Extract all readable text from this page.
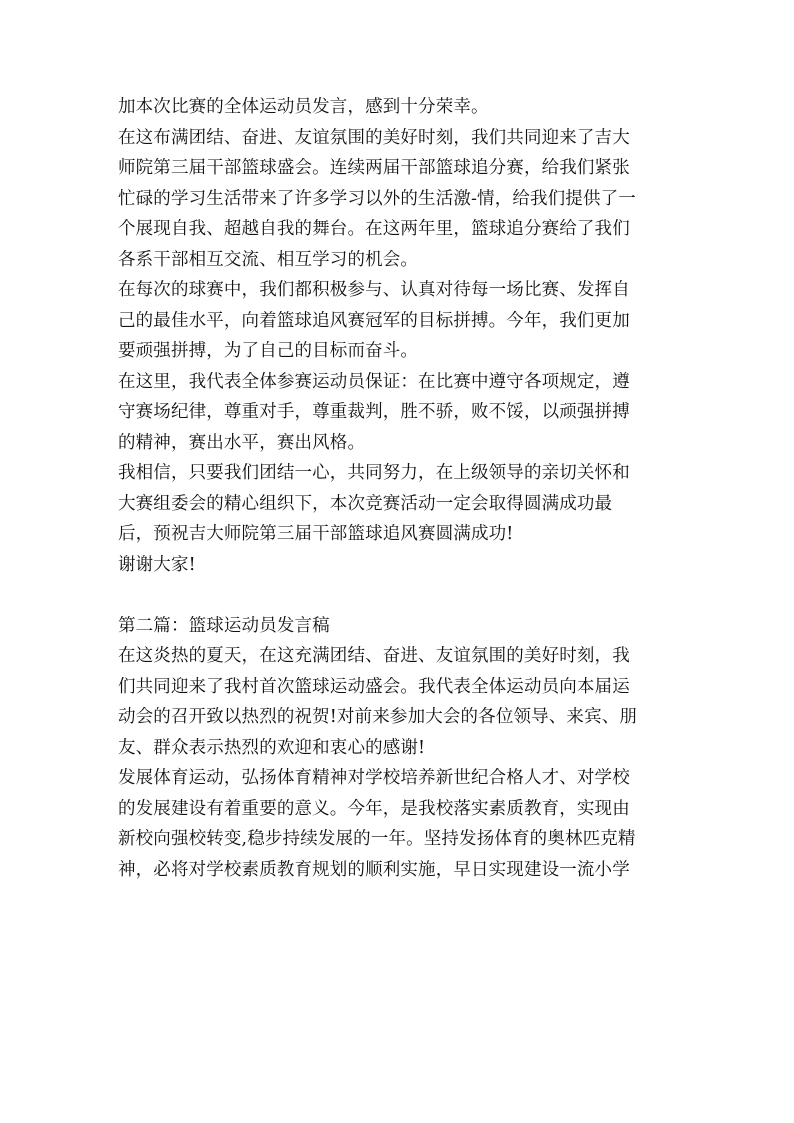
加本次比赛的全体运动员发言，感到十分荣幸。
在这布满团结、奋进、友谊氛围的美好时刻，我们共同迎来了吉大
师院第三届干部篮球盛会。连续两届干部篮球追分赛，给我们紧张
忙碌的学习生活带来了许多学习以外的生活激-情，给我们提供了一
个展现自我、超越自我的舞台。在这两年里，篮球追分赛给了我们
各系干部相互交流、相互学习的机会。
在每次的球赛中，我们都积极参与、认真对待每一场比赛、发挥自
己的最佳水平，向着篮球追风赛冠军的目标拼搏。今年，我们更加
要顽强拼搏，为了自己的目标而奋斗。
在这里，我代表全体参赛运动员保证：在比赛中遵守各项规定，遵
守赛场纪律，尊重对手，尊重裁判，胜不骄，败不馁，以顽强拼搏
的精神，赛出水平，赛出风格。
我相信，只要我们团结一心，共同努力，在上级领导的亲切关怀和
大赛组委会的精心组织下，本次竞赛活动一定会取得圆满成功最
后，预祝吉大师院第三届干部篮球追风赛圆满成功!
谢谢大家!
第二篇：篮球运动员发言稿
在这炎热的夏天，在这充满团结、奋进、友谊氛围的美好时刻，我
们共同迎来了我村首次篮球运动盛会。我代表全体运动员向本届运
动会的召开致以热烈的祝贺!对前来参加大会的各位领导、来宾、朋
友、群众表示热烈的欢迎和衷心的感谢!
发展体育运动，弘扬体育精神对学校培养新世纪合格人才、对学校
的发展建设有着重要的意义。今年，是我校落实素质教育，实现由
新校向强校转变,稳步持续发展的一年。坚持发扬体育的奥林匹克精
神，必将对学校素质教育规划的顺利实施，早日实现建设一流小学
